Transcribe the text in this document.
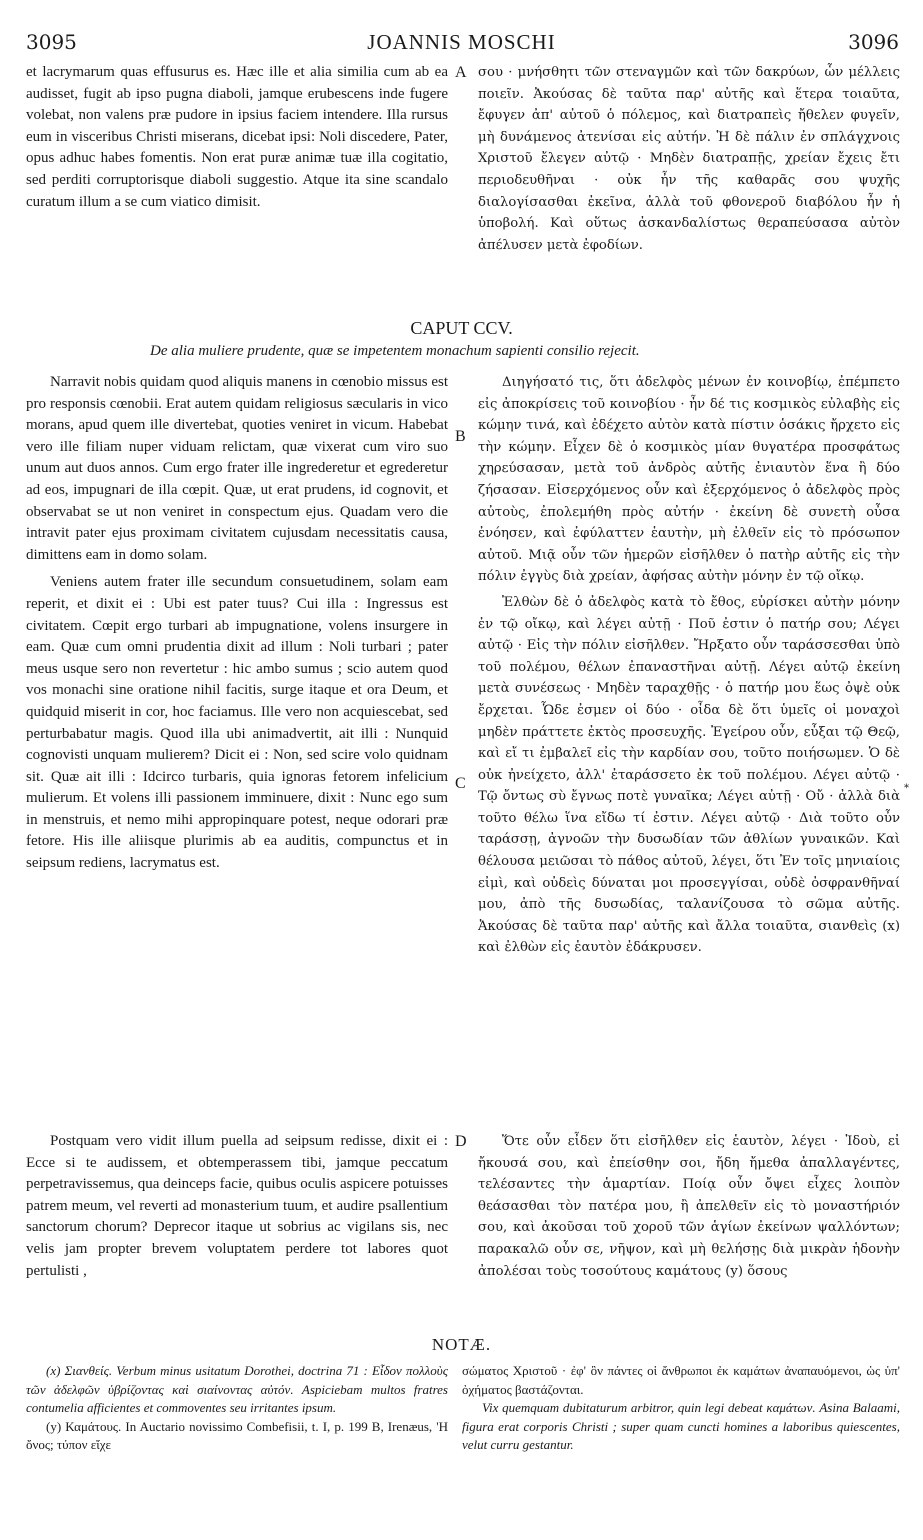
3095	JOANNIS MOSCHI	3096
et lacrymarum quas effusurus es. Hæc ille et alia similia cum ab ea audisset, fugit ab ipso pugna diaboli, jamque erubescens inde fugere volebat, non valens præ pudore in ipsius faciem intendere. Illa rursus eum in visceribus Christi miserans, dicebat ipsi: Noli discedere, Pater, opus adhuc habes fomentis. Non erat puræ animæ tuæ illa cogitatio, sed perditi corruptorisque diaboli suggestio. Atque ita sine scandalo curatum illum a se cum viatico dimisit.
A σου · μνήσθητι τῶν στεναγμῶν καὶ τῶν δακρύων, ὧν μέλλεις ποιεῖν. Ἀκούσας δὲ ταῦτα παρ' αὐτῆς καὶ ἕτερα τοιαῦτα, ἔφυγεν ἀπ' αὐτοῦ ὁ πόλεμος, καὶ διατραπεὶς ἤθελεν φυγεῖν, μὴ δυνάμενος ἀτενίσαι εἰς αὐτήν. Ἡ δὲ πάλιν ἐν σπλάγχνοις Χριστοῦ ἔλεγεν αὐτῷ · Μηδὲν διατραπῇς, χρείαν ἔχεις ἔτι περιοδευθῆναι · οὐκ ἦν τῆς καθαρᾶς σου ψυχῆς διαλογίσασθαι ἐκεῖνα, ἀλλὰ τοῦ φθονεροῦ διαβόλου ἦν ἡ ὑποβολή. Καὶ οὕτως ἀσκανδαλίστως θεραπεύσασα αὐτὸν ἀπέλυσεν μετὰ ἐφοδίων.
CAPUT CCV.
De alia muliere prudente, quæ se impetentem monachum sapienti consilio rejecit.

Narravit nobis quidam quod aliquis manens in cœnobio missus est pro responsis cœnobii. Erat autem quidam religiosus sæcularis in vico morans, apud quem ille divertebat, quoties veniret in vicum. Habebat vero ille filiam nuper viduam relictam, quæ vixerat cum viro suo unum aut duos annos. Cum ergo frater ille ingrederetur et egrederetur ad eos, impugnari de illa cœpit. Quæ, ut erat prudens, id cognovit, et observabat se ut non veniret in conspectum ejus. Quadam vero die intravit pater ejus proximam civitatem cujusdam necessitatis causa, dimittens eam in domo solam.

Veniens autem frater ille secundum consuetudinem, solam eam reperit, et dixit ei : Ubi est pater tuus? Cui illa : Ingressus est civitatem. Cœpit ergo turbari ab impugnatione, volens insurgere in eam. Quæ cum omni prudentia dixit ad illum : Noli turbari ; pater meus usque sero non revertetur : hic ambo sumus ; scio autem quod vos monachi sine oratione nihil facitis, surge itaque et ora Deum, et quidquid miserit in cor, hoc faciamus. Ille vero non acquiescebat, sed perturbabatur magis. Quod illa ubi animadvertit, ait illi : Nunquid cognovisti unquam mulierem? Dicit ei : Non, sed scire volo quidnam sit. Quæ ait illi : Idcirco turbaris, quia ignoras fetorem infelicium mulierum. Et volens illi passionem imminuere, dixit : Nunc ego sum in menstruis, et nemo mihi appropinquare potest, neque odorari præ fetore. His ille aliisque plurimis ab ea auditis, compunctus et in seipsum rediens, lacrymatus est.

B
C	*

Διηγήσατό τις, ὅτι ἀδελφὸς μένων ἐν κοινοβίῳ, ἐπέμπετο εἰς ἀποκρίσεις τοῦ κοινοβίου · ἦν δέ τις κοσμικὸς εὐλαβὴς εἰς κώμην τινά, καὶ ἐδέχετο αὐτὸν κατὰ πίστιν ὁσάκις ἤρχετο εἰς τὴν κώμην. Εἶχεν δὲ ὁ κοσμικὸς μίαν θυγατέρα προσφάτως χηρεύσασαν, μετὰ τοῦ ἀνδρὸς αὐτῆς ἐνιαυτὸν ἕνα ἢ δύο ζήσασαν. Εἰσερχόμενος οὖν καὶ ἐξερχόμενος ὁ ἀδελφὸς πρὸς αὐτοὺς, ἐπολεμήθη πρὸς αὐτήν · ἐκείνη δὲ συνετὴ οὖσα ἐνόησεν, καὶ ἐφύλαττεν ἑαυτὴν, μὴ ἐλθεῖν εἰς τὸ πρόσωπον αὐτοῦ. Μιᾷ οὖν τῶν ἡμερῶν εἰσῆλθεν ὁ πατὴρ αὐτῆς εἰς τὴν πόλιν ἐγγὺς διὰ χρείαν, ἀφήσας αὐτὴν μόνην ἐν τῷ οἴκῳ.

Ἐλθὼν δὲ ὁ ἀδελφὸς κατὰ τὸ ἔθος, εὑρίσκει αὐτὴν μόνην ἐν τῷ οἴκῳ, καὶ λέγει αὐτῇ · Ποῦ ἐστιν ὁ πατήρ σου; Λέγει αὐτῷ · Εἰς τὴν πόλιν εἰσῆλθεν. Ἤρξατο οὖν ταράσσεσθαι ὑπὸ τοῦ πολέμου, θέλων ἐπαναστῆναι αὐτῇ. Λέγει αὐτῷ ἐκείνη μετὰ συνέσεως · Μηδὲν ταραχθῇς · ὁ πατήρ μου ἕως ὀψὲ οὐκ ἔρχεται. Ὧδε ἐσμεν οἱ δύο · οἶδα δὲ ὅτι ὑμεῖς οἱ μοναχοὶ μηδὲν πράττετε ἐκτὸς προσευχῆς. Ἐγείρου οὖν, εὖξαι τῷ Θεῷ, καὶ εἴ τι ἐμβαλεῖ εἰς τὴν καρδίαν σου, τοῦτο ποιήσωμεν. Ὁ δὲ οὐκ ἠνείχετο, ἀλλ' ἐταράσσετο ἐκ τοῦ πολέμου. Λέγει αὐτῷ · Τῷ ὄντως σὺ ἔγνως ποτὲ γυναῖκα; Λέγει αὐτῇ · Οὔ · ἀλλὰ διὰ τοῦτο θέλω ἵνα εἴδω τί ἐστιν. Λέγει αὐτῷ · Διὰ τοῦτο οὖν ταράσσῃ, ἀγνοῶν τὴν δυσωδίαν τῶν ἀθλίων γυναικῶν. Καὶ θέλουσα μειῶσαι τὸ πάθος αὐτοῦ, λέγει, ὅτι Ἐν τοῖς μηνιαίοις εἰμὶ, καὶ οὐδεὶς δύναται μοι προσεγγίσαι, οὐδὲ ὀσφρανθῆναί μου, ἀπὸ τῆς δυσωδίας, ταλανίζουσα τὸ σῶμα αὐτῆς. Ἀκούσας δὲ ταῦτα παρ' αὐτῆς καὶ ἄλλα τοιαῦτα, σιανθεὶς (x) καὶ ἐλθὼν εἰς ἑαυτὸν ἐδάκρυσεν.

Postquam vero vidit illum puella ad seipsum redisse, dixit ei : Ecce si te audissem, et obtemperassem tibi, jamque peccatum perpetravissemus, qua deinceps facie, quibus oculis aspicere potuisses patrem meum, vel reverti ad monasterium tuum, et audire psallentium sanctorum chorum? Deprecor itaque ut sobrius ac vigilans sis, nec velis jam propter brevem voluptatem perdere tot labores quot pertulisti ,

D	Ὅτε οὖν εἶδεν ὅτι εἰσῆλθεν εἰς ἑαυτὸν, λέγει · Ἰδοὺ, εἰ ἤκουσά σου, καὶ ἐπείσθην σοι, ἤδη ἤμεθα ἀπαλλαγέντες, τελέσαντες τὴν ἁμαρτίαν. Ποίᾳ οὖν ὄψει εἶχες λοιπὸν θεάσασθαι τὸν πατέρα μου, ἢ ἀπελθεῖν εἰς τὸ μοναστήριόν σου, καὶ ἀκοῦσαι τοῦ χοροῦ τῶν ἁγίων ἐκείνων ψαλλόντων; παρακαλῶ οὖν σε, νῆψον, καὶ μὴ θελήσῃς διὰ μικρὰν ἡδονὴν ἀπολέσαι τοὺς τοσούτους καμάτους (y) ὅσους

NOTÆ.

(x) Σιανθείς. Verbum minus usitatum Dorothei, doctrina 71 : Εἶδον πολλοὺς τῶν ἀδελφῶν ὑβρίζοντας καὶ σιαίνοντας αὐτόν. Aspiciebam multos fratres contumelia afficientes et commoventes seu irritantes ipsum.

(y) Καμάτους. In Auctario novissimo Combefisii, t. I, p. 199 B, Irenæus, 'H ὄνος; τύπον εἴχε

σώματος Χριστοῦ · ἐφ' ὃν πάντες οἱ ἄνθρωποι ἐκ καμάτων ἀναπαυόμενοι, ὡς ὑπ' ὀχήματος βαστάζονται.

Vix quemquam dubitaturum arbitror, quin legi debeat καμάτων. Asina Balaami, figura erat corporis Christi ; super quam cuncti homines a laboribus quiescentes, velut curru gestantur.
